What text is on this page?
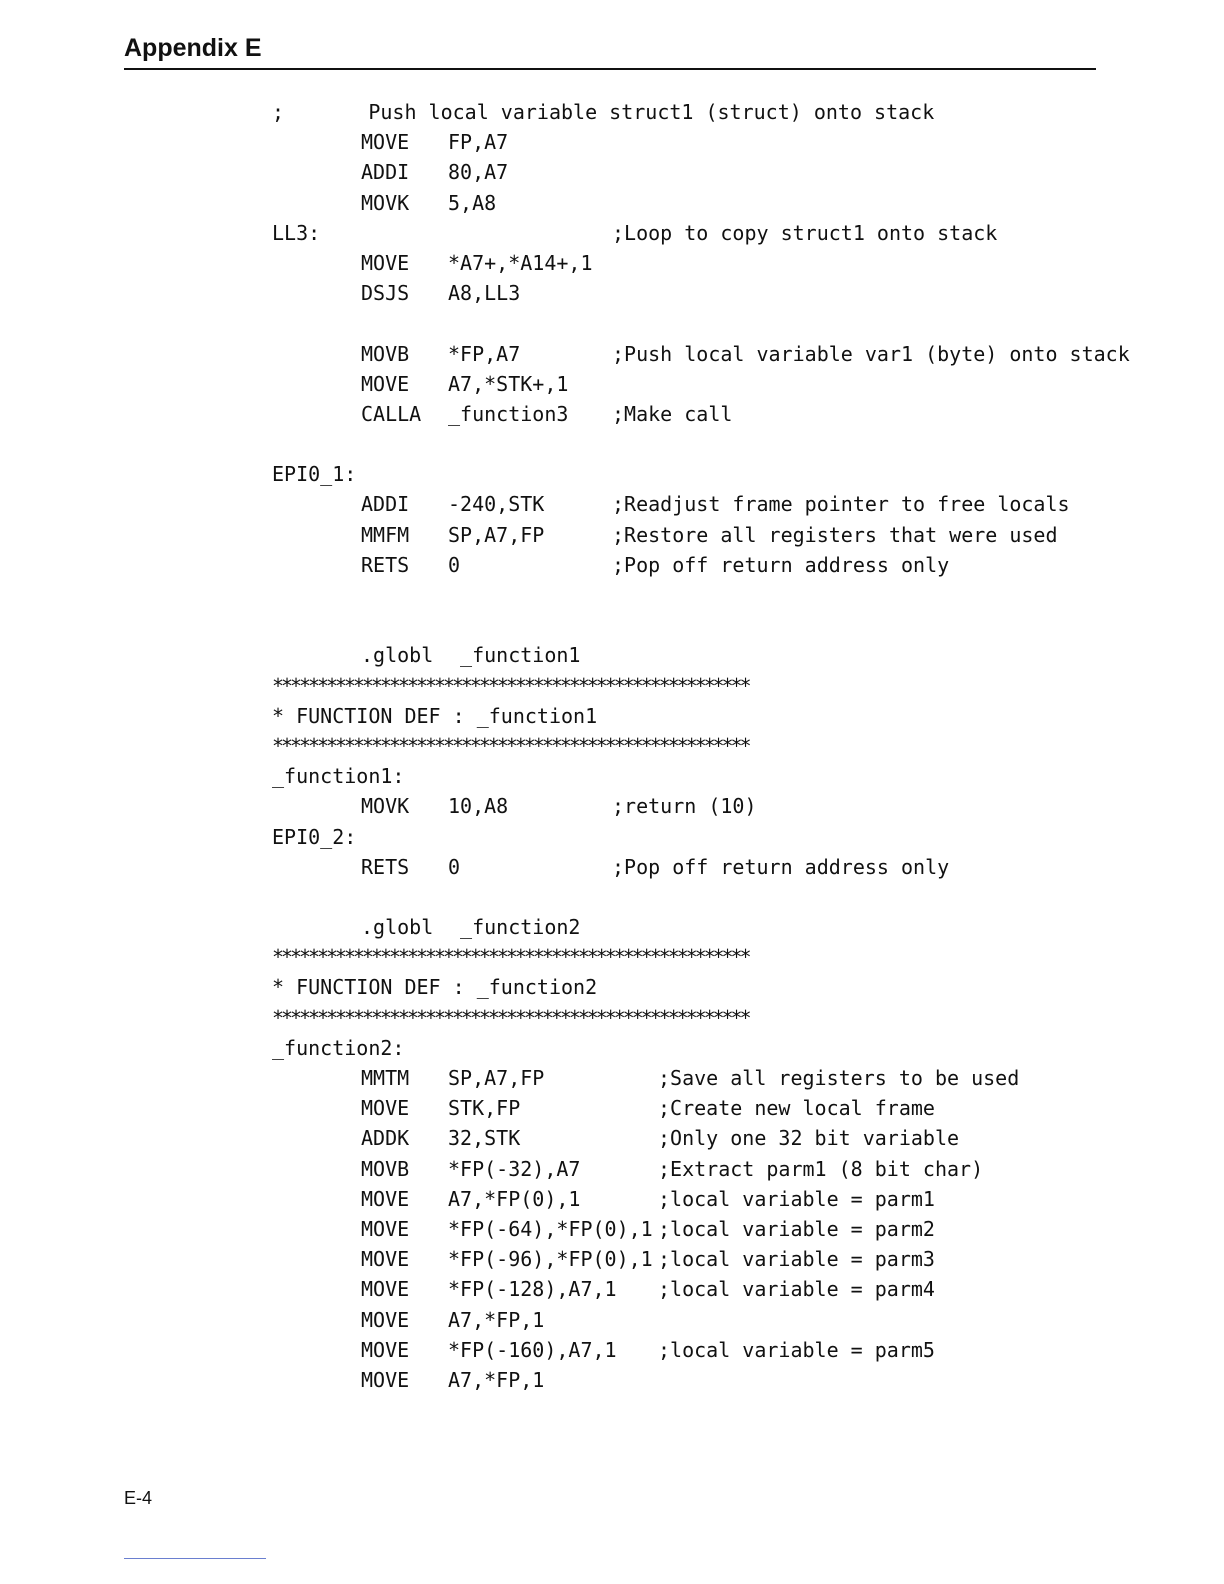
Appendix E
;       Push local variable struct1 (struct) onto stack
MOVE FP,A7
ADDI 80,A7
MOVK 5,A8
LL3:	;Loop to copy struct1 onto stack
MOVE *A7+,*A14+,1
DSJS A8,LL3
MOVB *FP,A7	;Push local variable var1 (byte) onto stack
MOVE A7,*STK+,1
CALLA _function3 ;Make call
EPI0_1:
ADDI -240,STK	;Readjust frame pointer to free locals
MMFM SP,A7,FP	;Restore all registers that were used
RETS 0	;Pop off return address only
.globl _function1
*****************************************************
* FUNCTION DEF : _function1
*****************************************************
_function1:
MOVK 10,A8	;return (10)
EPI0_2:
RETS 0	;Pop off return address only
.globl _function2
*****************************************************
* FUNCTION DEF : _function2
*****************************************************
_function2:
MMTM SP,A7,FP	;Save all registers to be used
MOVE STK,FP	;Create new local frame
ADDK 32,STK	;Only one 32 bit variable
MOVB *FP(-32),A7	;Extract parm1 (8 bit char)
MOVE A7,*FP(0),1	;local variable = parm1
MOVE *FP(-64),*FP(0),1 ;local variable = parm2
MOVE *FP(-96),*FP(0),1 ;local variable = parm3
MOVE *FP(-128),A7,1 ;local variable = parm4
MOVE A7,*FP,1
MOVE *FP(-160),A7,1 ;local variable = parm5
MOVE A7,*FP,1
E-4
